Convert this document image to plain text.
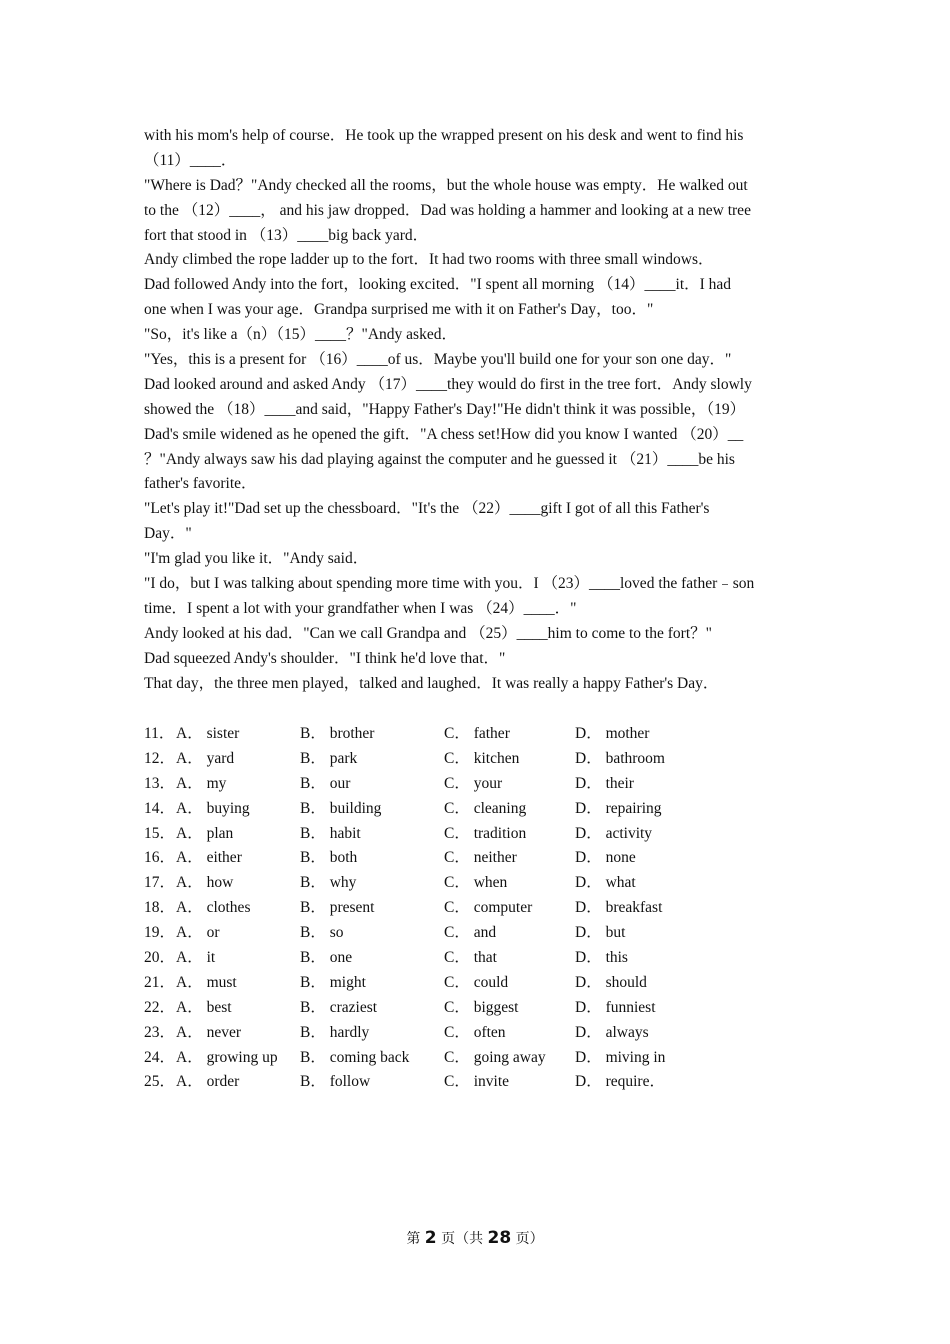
with his mom's help of course．He took up the wrapped present on his desk and went to find his
（11）____．
"Where is Dad？"Andy checked all the rooms，but the whole house was empty．He walked out
to the （12）____， and his jaw dropped．Dad was holding a hammer and looking at a new tree
fort that stood in （13）____big back yard．
Andy climbed the rope ladder up to the fort．It had two rooms with three small windows．
Dad followed Andy into the fort，looking excited．"I spent all morning （14）____it．I had
one when I was your age．Grandpa surprised me with it on Father's Day，too．"
"So，it's like a（n）（15）____？"Andy asked．
"Yes，this is a present for （16）____of us．Maybe you'll build one for your son one day．"
Dad looked around and asked Andy （17）____they would do first in the tree fort．Andy slowly
showed the （18）____and said，"Happy Father's Day!"He didn't think it was possible，（19）
Dad's smile widened as he opened the gift．"A chess set!How did you know I wanted （20）__
？"Andy always saw his dad playing against the computer and he guessed it （21）____be his
father's favorite．
"Let's play it!"Dad set up the chessboard．"It's the （22）____gift I got of all this Father's
Day．"
"I'm glad you like it．"Andy said．
"I do，but I was talking about spending more time with you．I （23）____loved the father﹣son
time．I spent a lot with your grandfather when I was （24）____．"
Andy looked at his dad．"Can we call Grandpa and （25）____him to come to the fort？"
Dad squeezed Andy's shoulder．"I think he'd love that．"
That day，the three men played，talked and laughed．It was really a happy Father's Day．
11． A． sister	B． brother	C． father	D． mother
12． A． yard	B． park	C． kitchen	D． bathroom
13． A． my	B． our	C． your	D． their
14． A． buying	B． building	C． cleaning	D． repairing
15． A． plan	B． habit	C． tradition	D． activity
16． A． either	B． both	C． neither	D． none
17． A． how	B． why	C． when	D． what
18． A． clothes	B． present	C． computer	D． breakfast
19． A． or	B． so	C． and	D． but
20． A． it	B． one	C． that	D． this
21． A． must	B． might	C． could	D． should
22． A． best	B． craziest	C． biggest	D． funniest
23． A． never	B． hardly	C． often	D． always
24． A． growing up B． coming back C． going away D． miving in
25． A． order	B． follow	C． invite	D． require．
第 2 页（共 28 页）
